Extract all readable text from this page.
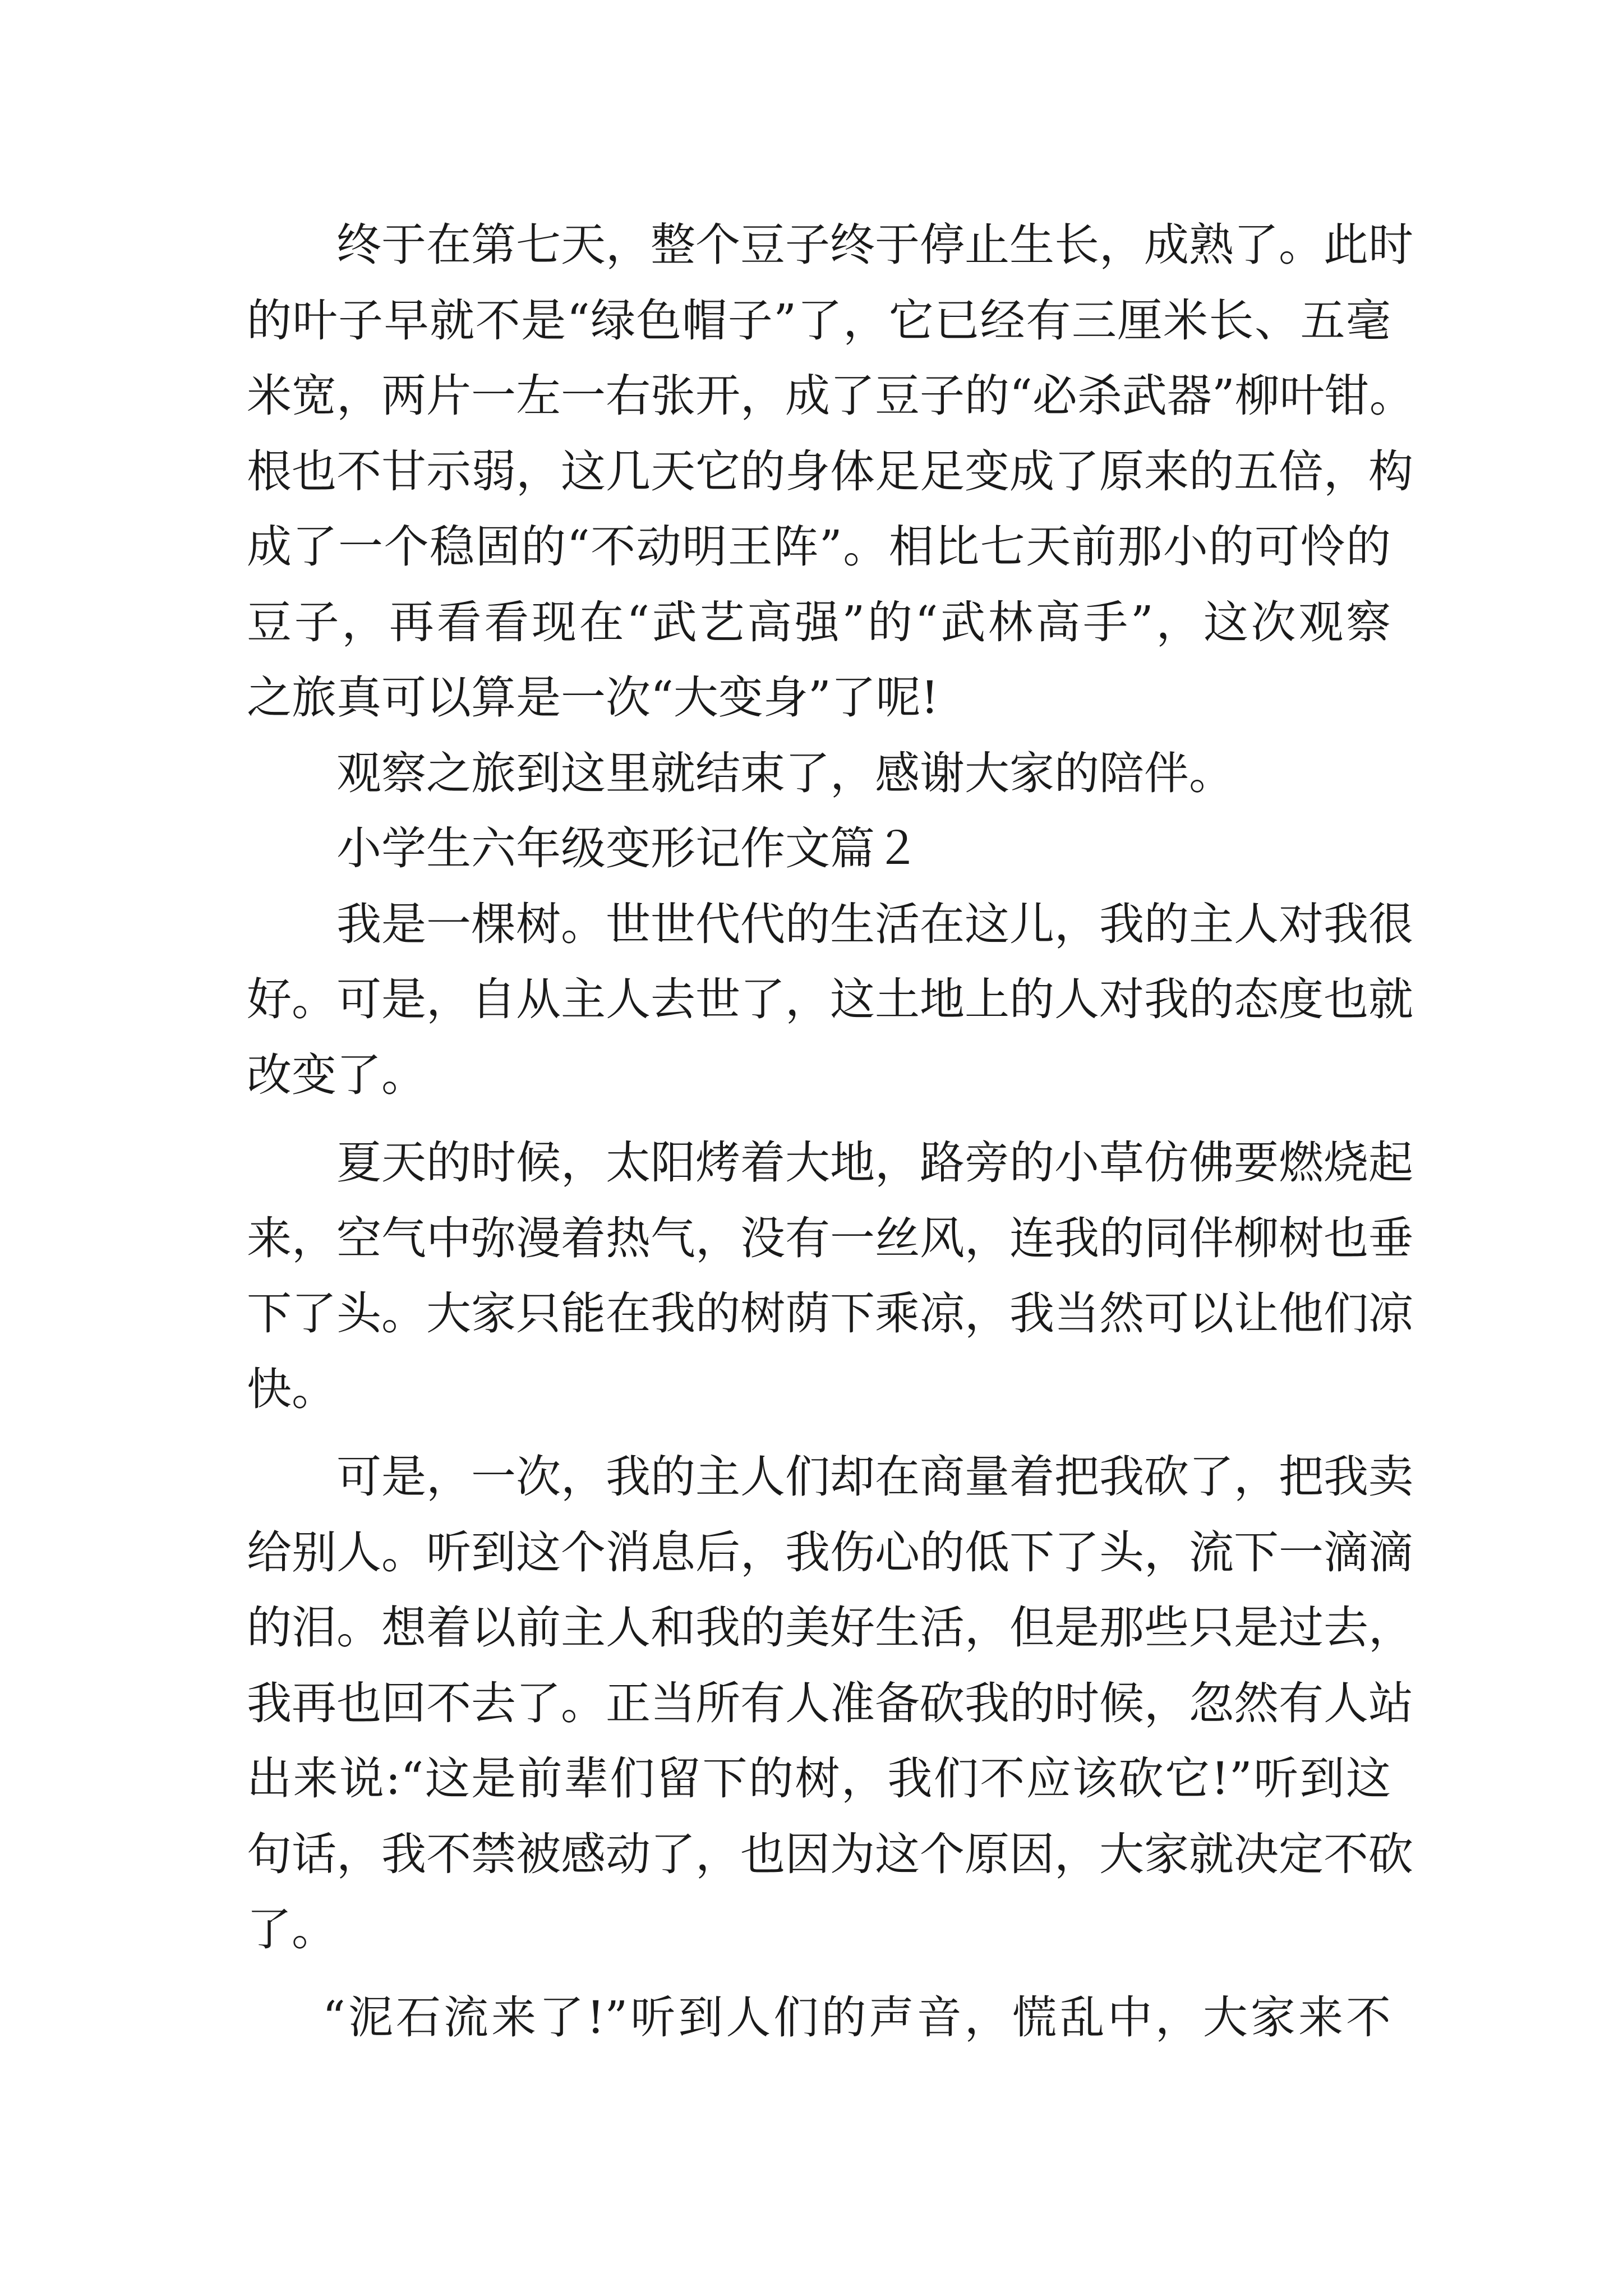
终于在第七天，整个豆子终于停止生长，成熟了。此时
的叶子早就不是“绿色帽子”了，它已经有三厘米长、五毫
米宽，两片一左一右张开，成了豆子的“必杀武器”柳叶钳。
根也不甘示弱，这几天它的身体足足变成了原来的五倍，构
成了一个稳固的“不动明王阵”。相比七天前那小的可怜的
豆子，再看看现在“武艺高强”的“武林高手”，这次观察
之旅真可以算是一次“大变身”了呢!
观察之旅到这里就结束了，感谢大家的陪伴。
小学生六年级变形记作文篇２
我是一棵树。世世代代的生活在这儿，我的主人对我很
好。可是，自从主人去世了，这土地上的人对我的态度也就
改变了。
夏天的时候，太阳烤着大地，路旁的小草仿佛要燃烧起
来，空气中弥漫着热气，没有一丝风，连我的同伴柳树也垂
下了头。大家只能在我的树荫下乘凉，我当然可以让他们凉
快。
可是，一次，我的主人们却在商量着把我砍了，把我卖
给别人。听到这个消息后，我伤心的低下了头，流下一滴滴
的泪。想着以前主人和我的美好生活，但是那些只是过去，
我再也回不去了。正当所有人准备砍我的时候，忽然有人站
出来说:“这是前辈们留下的树，我们不应该砍它!”听到这
句话，我不禁被感动了，也因为这个原因，大家就决定不砍
了。
“泥石流来了!”听到人们的声音，慌乱中，大家来不
